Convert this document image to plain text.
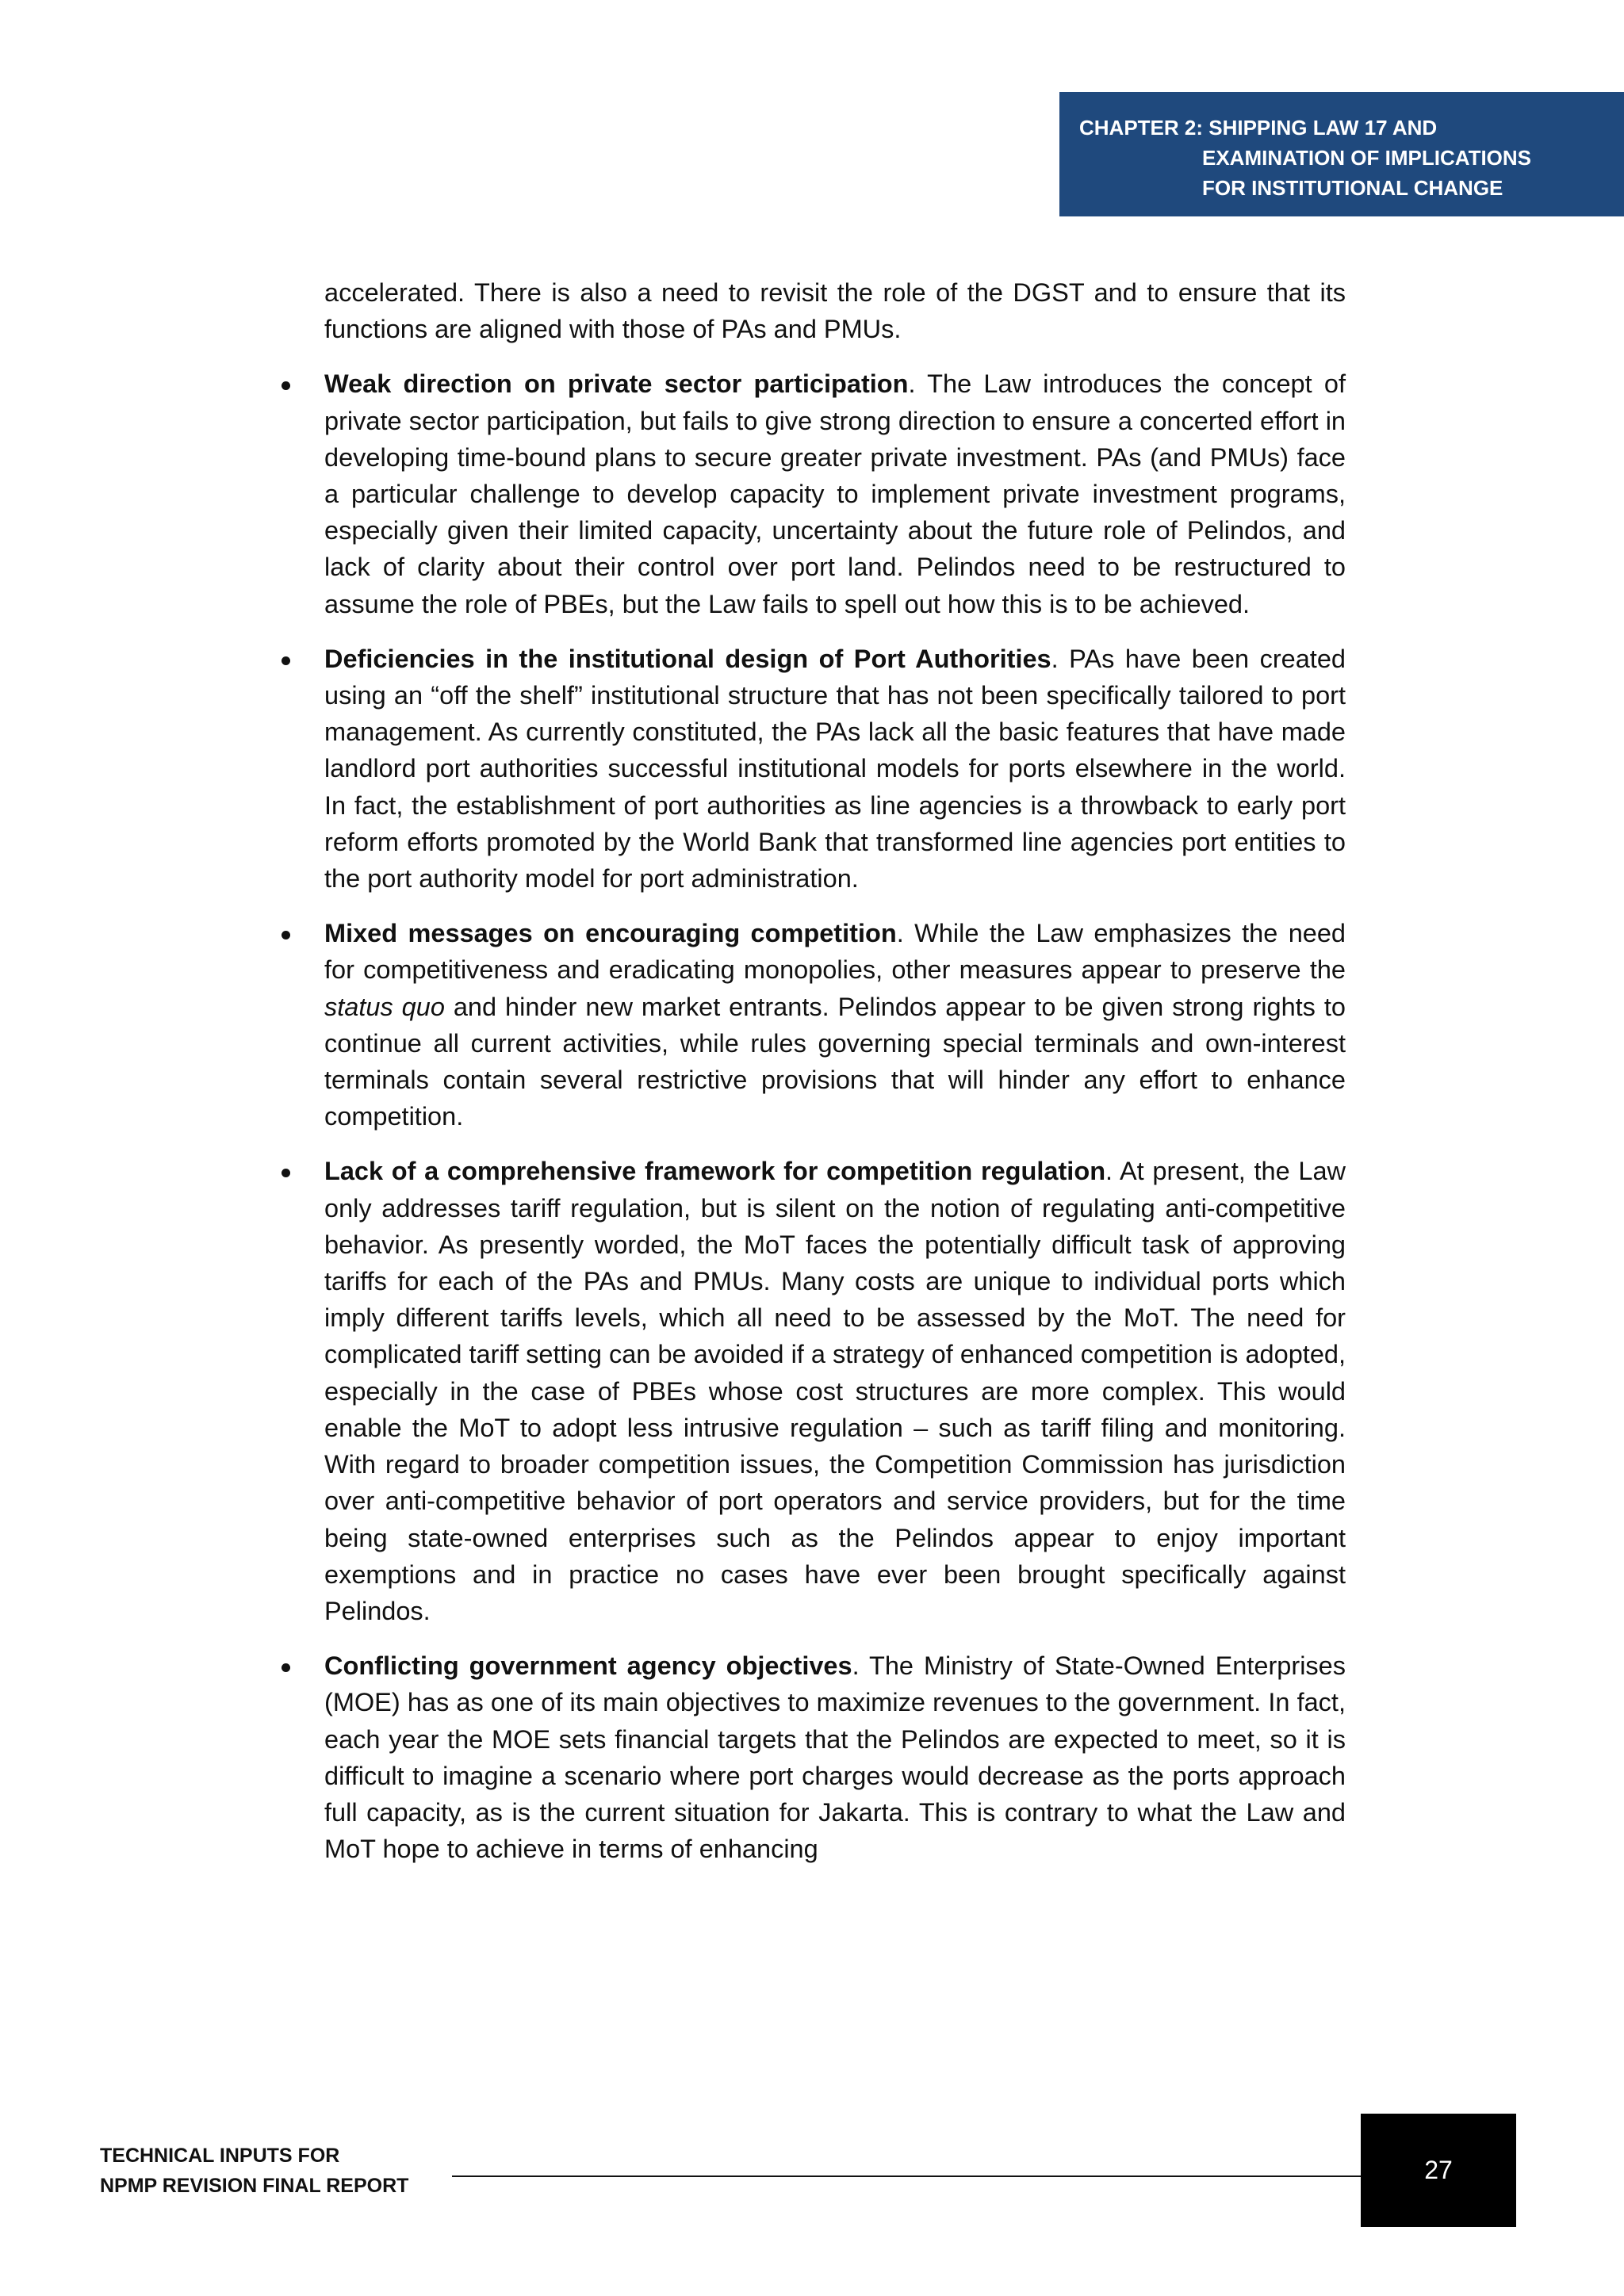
CHAPTER 2: SHIPPING LAW 17 AND
EXAMINATION OF IMPLICATIONS
FOR INSTITUTIONAL CHANGE

accelerated. There is also a need to revisit the role of the DGST and to ensure that its functions are aligned with those of PAs and PMUs.

Weak direction on private sector participation. The Law introduces the concept of private sector participation, but fails to give strong direction to ensure a concerted effort in developing time-bound plans to secure greater private investment. PAs (and PMUs) face a particular challenge to develop capacity to implement private investment programs, especially given their limited capacity, uncertainty about the future role of Pelindos, and lack of clarity about their control over port land. Pelindos need to be restructured to assume the role of PBEs, but the Law fails to spell out how this is to be achieved.
Deficiencies in the institutional design of Port Authorities. PAs have been created using an “off the shelf” institutional structure that has not been specifically tailored to port management. As currently constituted, the PAs lack all the basic features that have made landlord port authorities successful institutional models for ports elsewhere in the world. In fact, the establishment of port authorities as line agencies is a throwback to early port reform efforts promoted by the World Bank that transformed line agencies port entities to the port authority model for port administration.
Mixed messages on encouraging competition. While the Law emphasizes the need for competitiveness and eradicating monopolies, other measures appear to preserve the status quo and hinder new market entrants. Pelindos appear to be given strong rights to continue all current activities, while rules governing special terminals and own-interest terminals contain several restrictive provisions that will hinder any effort to enhance competition.
Lack of a comprehensive framework for competition regulation. At present, the Law only addresses tariff regulation, but is silent on the notion of regulating anti-competitive behavior. As presently worded, the MoT faces the potentially difficult task of approving tariffs for each of the PAs and PMUs. Many costs are unique to individual ports which imply different tariffs levels, which all need to be assessed by the MoT. The need for complicated tariff setting can be avoided if a strategy of enhanced competition is adopted, especially in the case of PBEs whose cost structures are more complex. This would enable the MoT to adopt less intrusive regulation – such as tariff filing and monitoring. With regard to broader competition issues, the Competition Commission has jurisdiction over anti-competitive behavior of port operators and service providers, but for the time being state-owned enterprises such as the Pelindos appear to enjoy important exemptions and in practice no cases have ever been brought specifically against Pelindos.
Conflicting government agency objectives. The Ministry of State-Owned Enterprises (MOE) has as one of its main objectives to maximize revenues to the government. In fact, each year the MOE sets financial targets that the Pelindos are expected to meet, so it is difficult to imagine a scenario where port charges would decrease as the ports approach full capacity, as is the current situation for Jakarta. This is contrary to what the Law and MoT hope to achieve in terms of enhancing
TECHNICAL INPUTS FOR
NPMP REVISION FINAL REPORT
27
